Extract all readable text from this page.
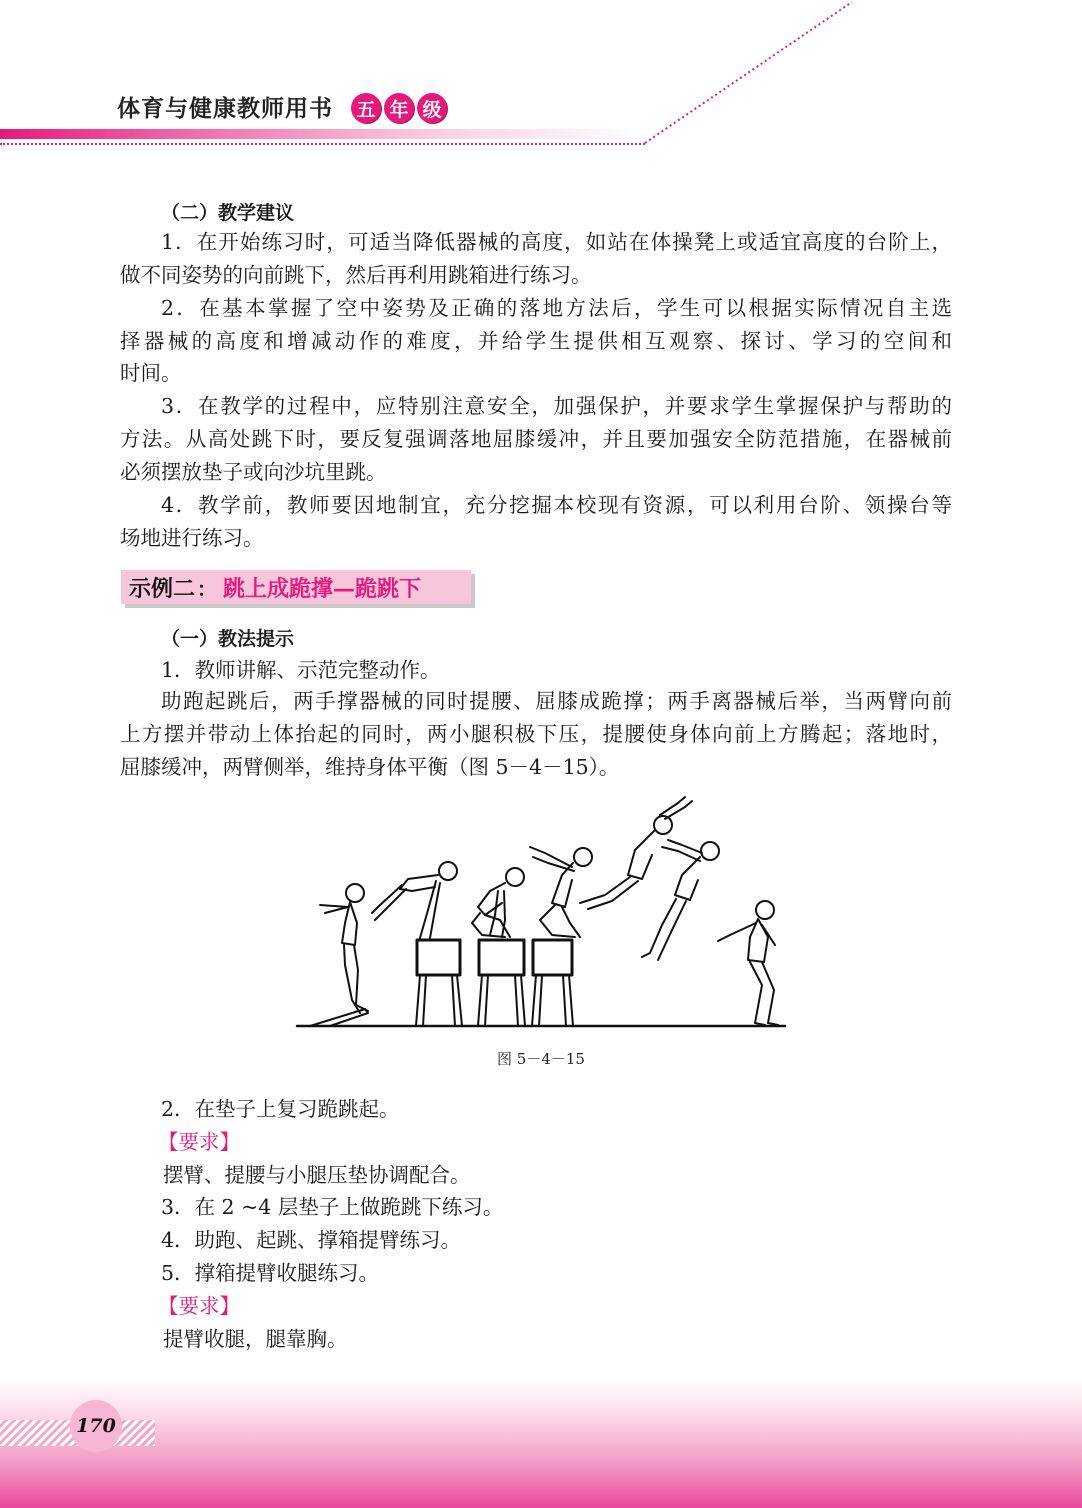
体育与健康教师用书 五 年 级
（二）教学建议

1．在开始练习时，可适当降低器械的高度，如站在体操凳上或适宜高度的台阶上，

做不同姿势的向前跳下，然后再利用跳箱进行练习。

2．在基本掌握了空中姿势及正确的落地方法后，学生可以根据实际情况自主选

择器械的高度和增减动作的难度，并给学生提供相互观察、探讨、学习的空间和

时间。

3．在教学的过程中，应特别注意安全，加强保护，并要求学生掌握保护与帮助的

方法。从高处跳下时，要反复强调落地屈膝缓冲，并且要加强安全防范措施，在器械前

必须摆放垫子或向沙坑里跳。

4．教学前，教师要因地制宜，充分挖掘本校现有资源，可以利用台阶、领操台等

场地进行练习。

示例二 ： 跳上成跪撑—跪跳下
（一）教法提示

1．教师讲解、示范完整动作。

助跑起跳后，两手撑器械的同时提腰、屈膝成跪撑；两手离器械后举，当两臂向前

上方摆并带动上体抬起的同时，两小腿积极下压，提腰使身体向前上方腾起；落地时，

屈膝缓冲，两臂侧举，维持身体平衡（图 5－4－15）。

图 5－4－15

2．在垫子上复习跪跳起。

【要求】

摆臂、提腰与小腿压垫协调配合。

3．在 2 ~4 层垫子上做跪跳下练习。

4．助跑、起跳、撑箱提臂练习。

5．撑箱提臂收腿练习。

【要求】

提臂收腿，腿靠胸。

170
